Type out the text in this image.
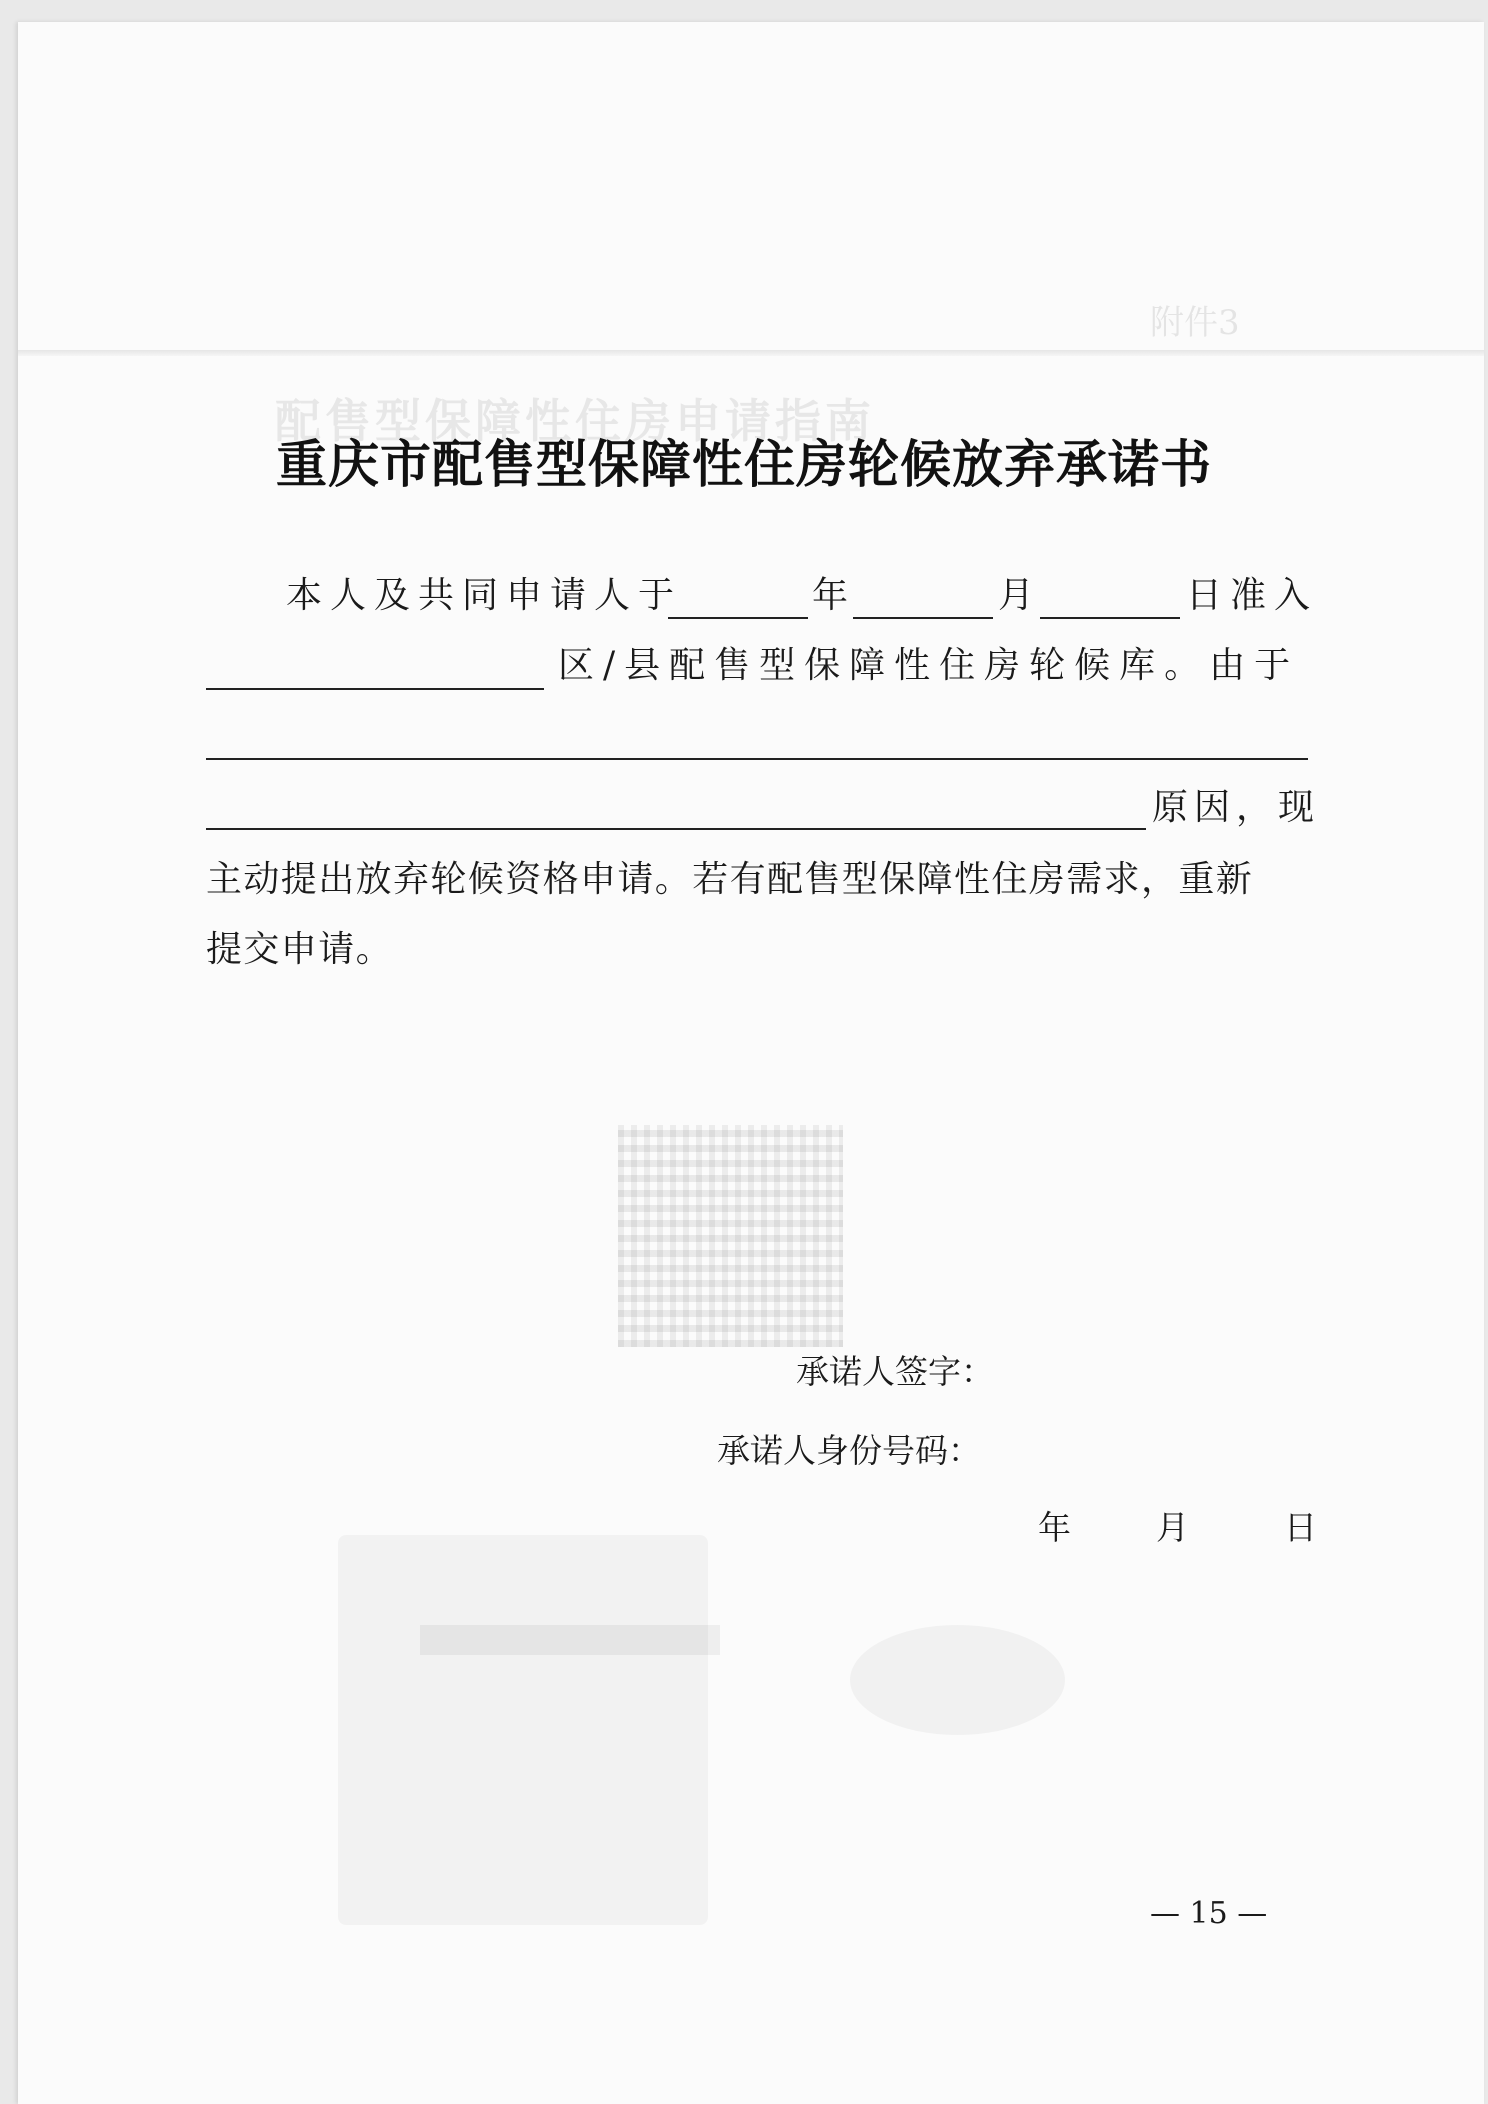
附件3
配售型保障性住房申请指南
重庆市配售型保障性住房轮候放弃承诺书
本人及共同申请人于	年	月	日准入
区/县配售型保障性住房轮候库。由于
原因，现
主动提出放弃轮候资格申请。若有配售型保障性住房需求，重新
提交申请。
承诺人签字：
承诺人身份号码：
年	月	日
— 15 —
